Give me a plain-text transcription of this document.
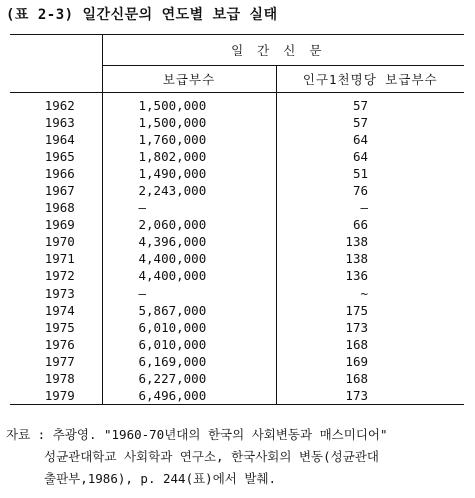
(표 2-3) 일간신문의 연도별 보급 실태
	일간신문	
	보급부수	인구1천명당 보급부수
1962	1,500,000	57
1963	1,500,000	57
1964	1,760,000	64
1965	1,802,000	64
1966	1,490,000	51
1967	2,243,000	76
1968	—	—
1969	2,060,000	66
1970	4,396,000	138
1971	4,400,000	138
1972	4,400,000	136
1973	—	~
1974	5,867,000	175
1975	6,010,000	173
1976	6,010,000	168
1977	6,169,000	169
1978	6,227,000	168
1979	6,496,000	173
자료 : 추광영. "1960-70년대의 한국의 사회변동과 매스미디어"
성균관대학교 사회학과 연구소, 한국사회의 변동(성균관대
출판부,1986), p. 244(표)에서 발췌.
